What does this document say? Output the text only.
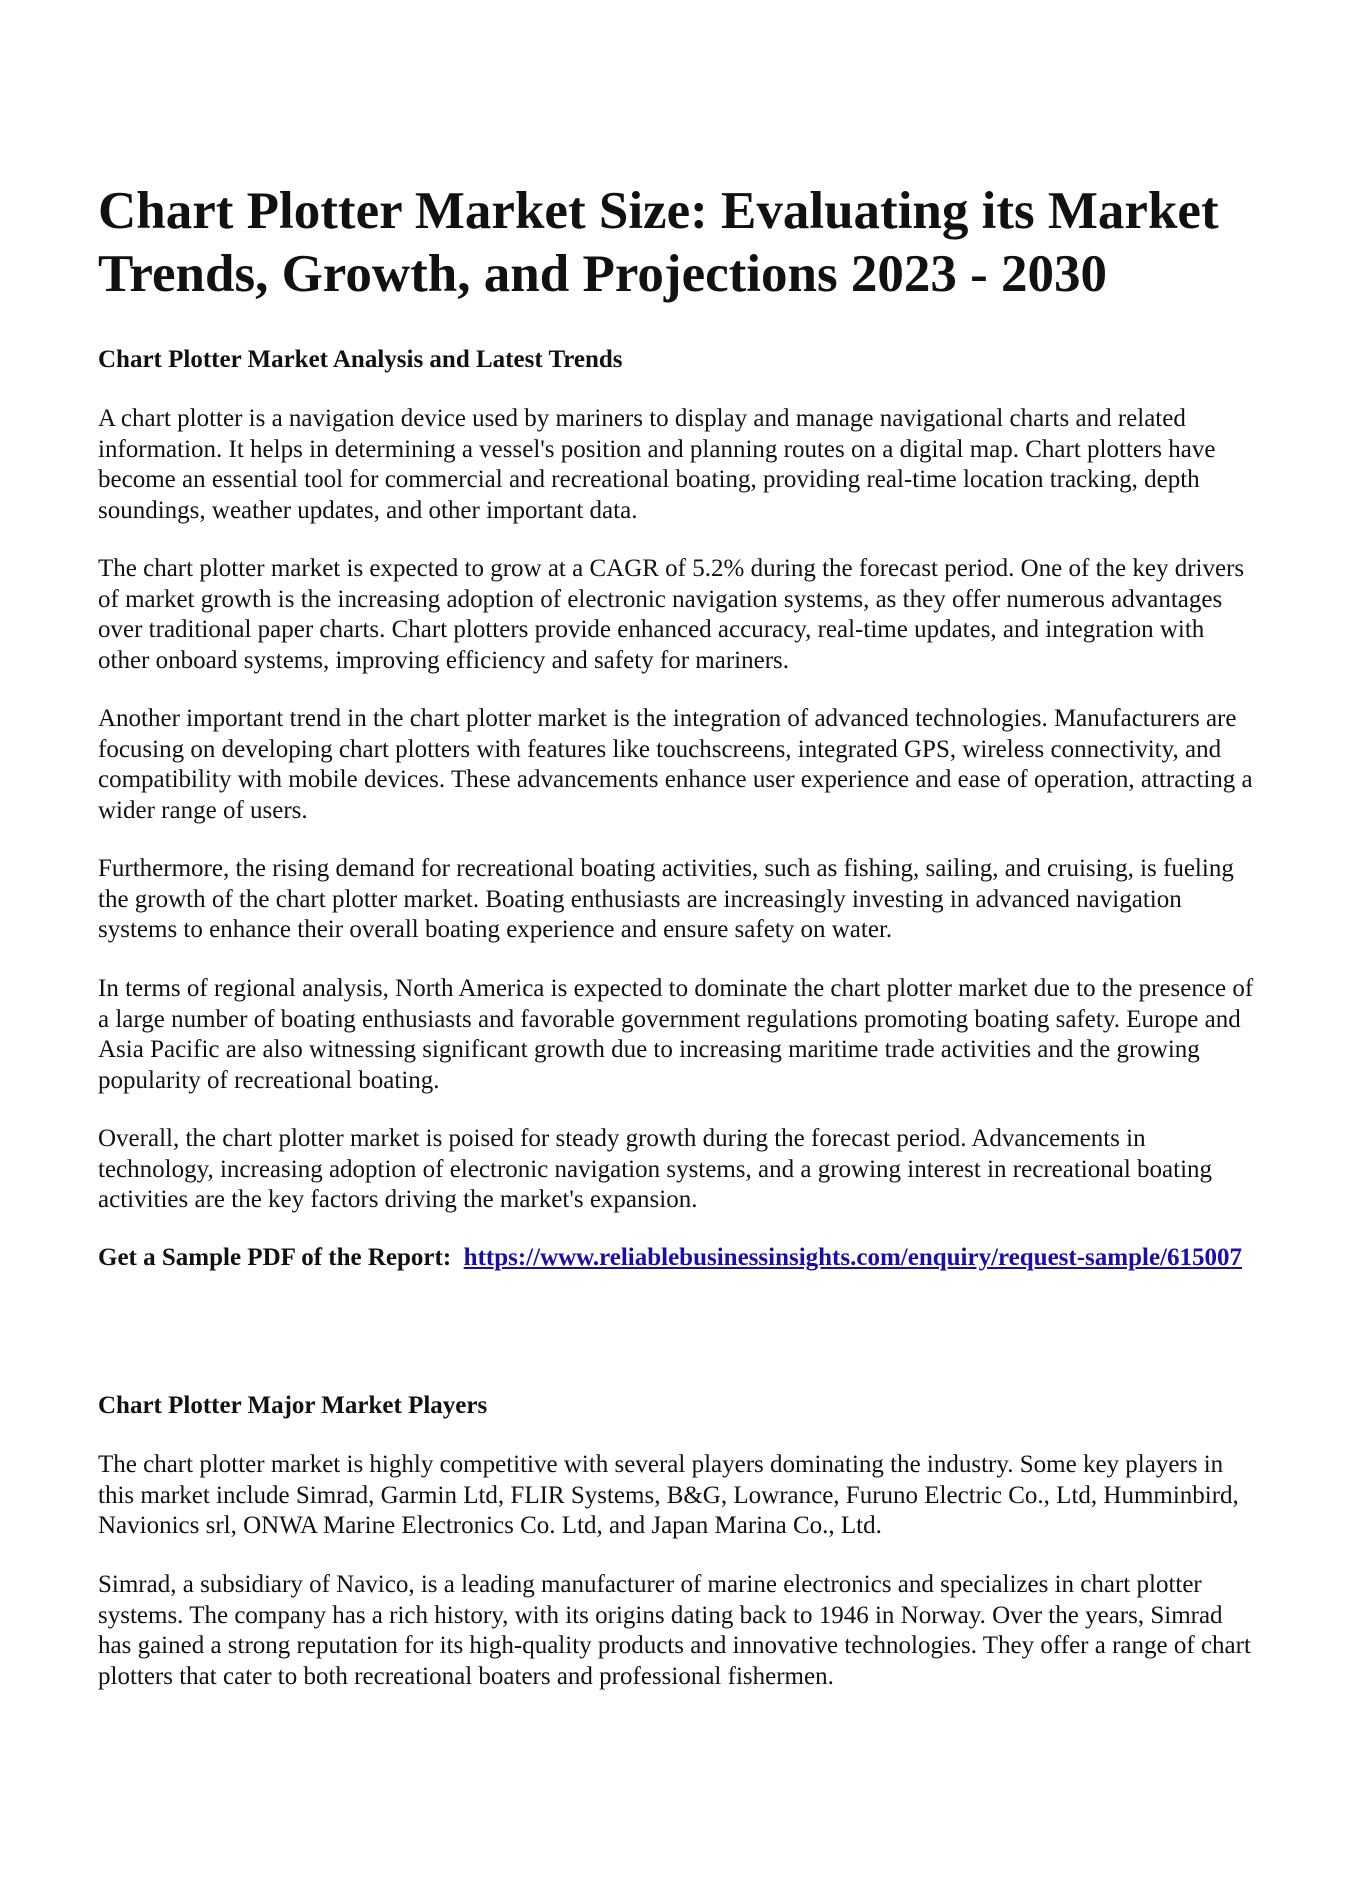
Chart Plotter Market Size: Evaluating its Market Trends, Growth, and Projections 2023 - 2030
Chart Plotter Market Analysis and Latest Trends

A chart plotter is a navigation device used by mariners to display and manage navigational charts and related information. It helps in determining a vessel's position and planning routes on a digital map. Chart plotters have become an essential tool for commercial and recreational boating, providing real-time location tracking, depth soundings, weather updates, and other important data.

The chart plotter market is expected to grow at a CAGR of 5.2% during the forecast period. One of the key drivers of market growth is the increasing adoption of electronic navigation systems, as they offer numerous advantages over traditional paper charts. Chart plotters provide enhanced accuracy, real-time updates, and integration with other onboard systems, improving efficiency and safety for mariners.

Another important trend in the chart plotter market is the integration of advanced technologies. Manufacturers are focusing on developing chart plotters with features like touchscreens, integrated GPS, wireless connectivity, and compatibility with mobile devices. These advancements enhance user experience and ease of operation, attracting a wider range of users.

Furthermore, the rising demand for recreational boating activities, such as fishing, sailing, and cruising, is fueling the growth of the chart plotter market. Boating enthusiasts are increasingly investing in advanced navigation systems to enhance their overall boating experience and ensure safety on water.

In terms of regional analysis, North America is expected to dominate the chart plotter market due to the presence of a large number of boating enthusiasts and favorable government regulations promoting boating safety. Europe and Asia Pacific are also witnessing significant growth due to increasing maritime trade activities and the growing popularity of recreational boating.

Overall, the chart plotter market is poised for steady growth during the forecast period. Advancements in technology, increasing adoption of electronic navigation systems, and a growing interest in recreational boating activities are the key factors driving the market's expansion.

Get a Sample PDF of the Report: https://www.reliablebusinessinsights.com/enquiry/request-sample/615007

Chart Plotter Major Market Players

The chart plotter market is highly competitive with several players dominating the industry. Some key players in this market include Simrad, Garmin Ltd, FLIR Systems, B&G, Lowrance, Furuno Electric Co., Ltd, Humminbird, Navionics srl, ONWA Marine Electronics Co. Ltd, and Japan Marina Co., Ltd.

Simrad, a subsidiary of Navico, is a leading manufacturer of marine electronics and specializes in chart plotter systems. The company has a rich history, with its origins dating back to 1946 in Norway. Over the years, Simrad has gained a strong reputation for its high-quality products and innovative technologies. They offer a range of chart plotters that cater to both recreational boaters and professional fishermen.
